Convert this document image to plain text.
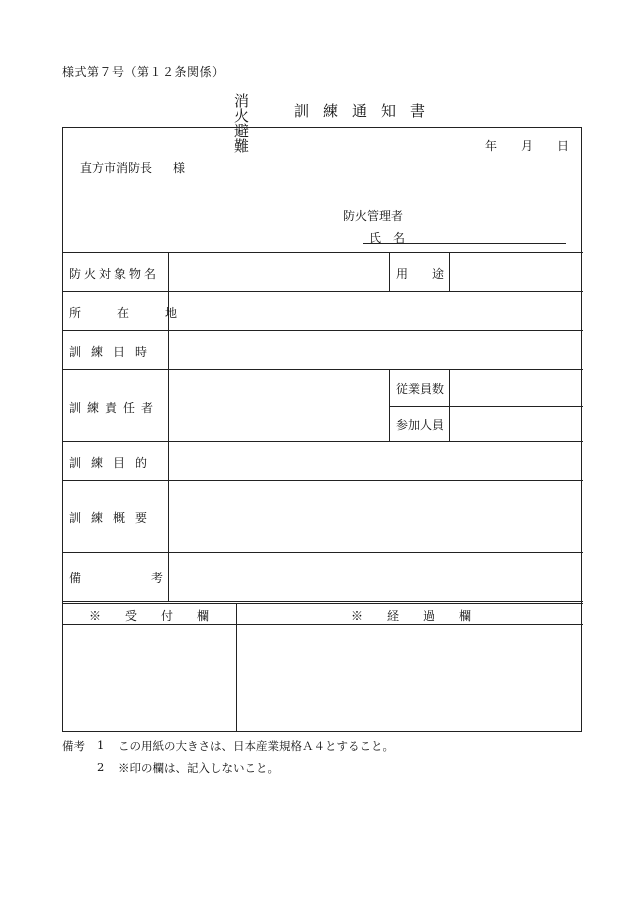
様式第７号（第１２条関係）
消火
避難
訓練通知書
年 月 日
直方市消防長 様
防火管理者
氏　名
防火対象物名	用　　途
所　在　地
訓練日時
訓練責任者
従業員数
参加人員
訓練目的
訓練概要
備	考
※　　受　　付　　欄	※　　経　　過　　欄
備考 1 この用紙の大きさは、日本産業規格Ａ４とすること。
2 ※印の欄は、記入しないこと。
